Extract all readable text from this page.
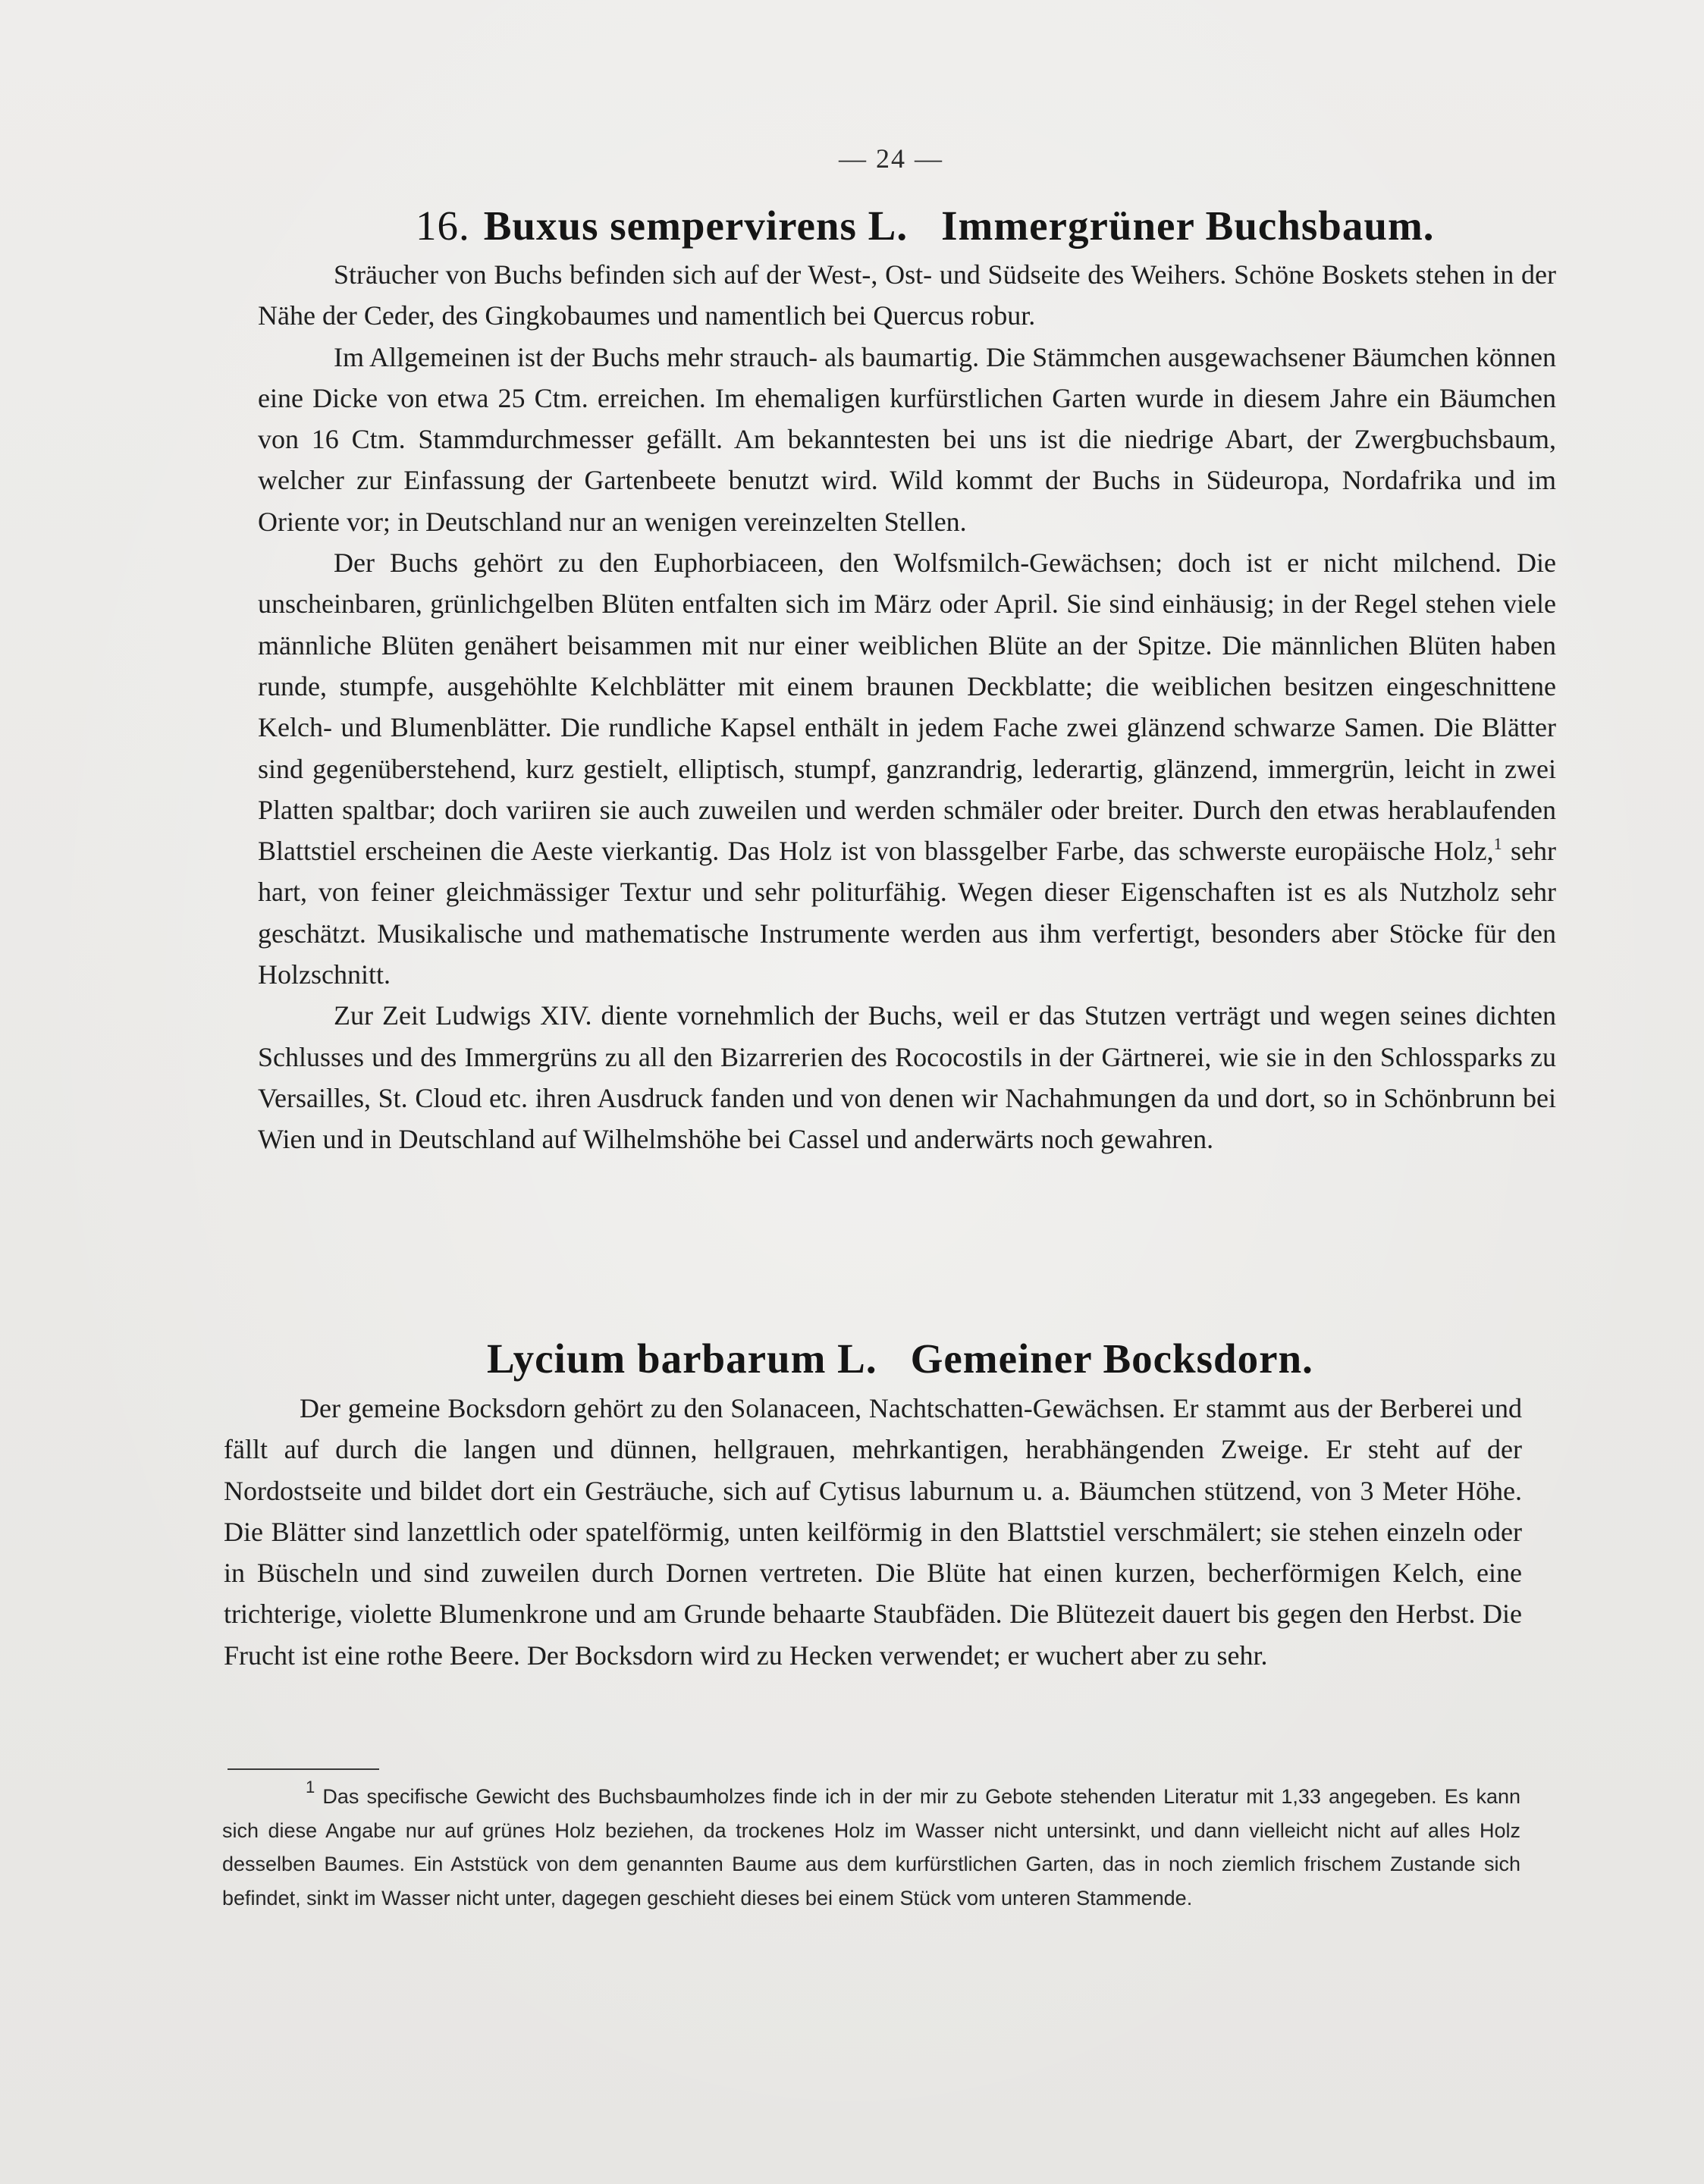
— 24 —
16. Buxus sempervirens L. Immergrüner Buchsbaum.

Sträucher von Buchs befinden sich auf der West-, Ost- und Südseite des Weihers. Schöne Boskets stehen in der Nähe der Ceder, des Gingkobaumes und namentlich bei Quercus robur.

Im Allgemeinen ist der Buchs mehr strauch- als baumartig. Die Stämmchen ausgewachsener Bäumchen können eine Dicke von etwa 25 Ctm. erreichen. Im ehemaligen kurfürstlichen Garten wurde in diesem Jahre ein Bäumchen von 16 Ctm. Stammdurchmesser gefällt. Am bekanntesten bei uns ist die niedrige Abart, der Zwergbuchsbaum, welcher zur Einfassung der Gartenbeete benutzt wird. Wild kommt der Buchs in Südeuropa, Nordafrika und im Oriente vor; in Deutschland nur an wenigen vereinzelten Stellen.

Der Buchs gehört zu den Euphorbiaceen, den Wolfsmilch-Gewächsen; doch ist er nicht milchend. Die unscheinbaren, grünlichgelben Blüten entfalten sich im März oder April. Sie sind einhäusig; in der Regel stehen viele männliche Blüten genähert beisammen mit nur einer weiblichen Blüte an der Spitze. Die männlichen Blüten haben runde, stumpfe, ausgehöhlte Kelchblätter mit einem braunen Deckblatte; die weiblichen besitzen eingeschnittene Kelch- und Blumenblätter. Die rundliche Kapsel enthält in jedem Fache zwei glänzend schwarze Samen. Die Blätter sind gegenüberstehend, kurz gestielt, elliptisch, stumpf, ganzrandrig, lederartig, glänzend, immergrün, leicht in zwei Platten spaltbar; doch variiren sie auch zuweilen und werden schmäler oder breiter. Durch den etwas herablaufenden Blattstiel erscheinen die Aeste vierkantig. Das Holz ist von blassgelber Farbe, das schwerste europäische Holz,$^1$ sehr hart, von feiner gleichmässiger Textur und sehr politurfähig. Wegen dieser Eigenschaften ist es als Nutzholz sehr geschätzt. Musikalische und mathematische Instrumente werden aus ihm verfertigt, besonders aber Stöcke für den Holzschnitt.

Zur Zeit Ludwigs XIV. diente vornehmlich der Buchs, weil er das Stutzen verträgt und wegen seines dichten Schlusses und des Immergrüns zu all den Bizarrerien des Rococostils in der Gärtnerei, wie sie in den Schlossparks zu Versailles, St. Cloud etc. ihren Ausdruck fanden und von denen wir Nachahmungen da und dort, so in Schönbrunn bei Wien und in Deutschland auf Wilhelmshöhe bei Cassel und anderwärts noch gewahren.

Lycium barbarum L. Gemeiner Bocksdorn.

Der gemeine Bocksdorn gehört zu den Solanaceen, Nachtschatten-Gewächsen. Er stammt aus der Berberei und fällt auf durch die langen und dünnen, hellgrauen, mehrkantigen, herabhängenden Zweige. Er steht auf der Nordostseite und bildet dort ein Gesträuche, sich auf Cytisus laburnum u. a. Bäumchen stützend, von 3 Meter Höhe. Die Blätter sind lanzettlich oder spatelförmig, unten keilförmig in den Blattstiel verschmälert; sie stehen einzeln oder in Büscheln und sind zuweilen durch Dornen vertreten. Die Blüte hat einen kurzen, becherförmigen Kelch, eine trichterige, violette Blumenkrone und am Grunde behaarte Staubfäden. Die Blütezeit dauert bis gegen den Herbst. Die Frucht ist eine rothe Beere. Der Bocksdorn wird zu Hecken verwendet; er wuchert aber zu sehr.

$^1$ Das specifische Gewicht des Buchsbaumholzes finde ich in der mir zu Gebote stehenden Literatur mit 1,33 angegeben. Es kann sich diese Angabe nur auf grünes Holz beziehen, da trockenes Holz im Wasser nicht untersinkt, und dann vielleicht nicht auf alles Holz desselben Baumes. Ein Aststück von dem genannten Baume aus dem kurfürstlichen Garten, das in noch ziemlich frischem Zustande sich befindet, sinkt im Wasser nicht unter, dagegen geschieht dieses bei einem Stück vom unteren Stammende.
